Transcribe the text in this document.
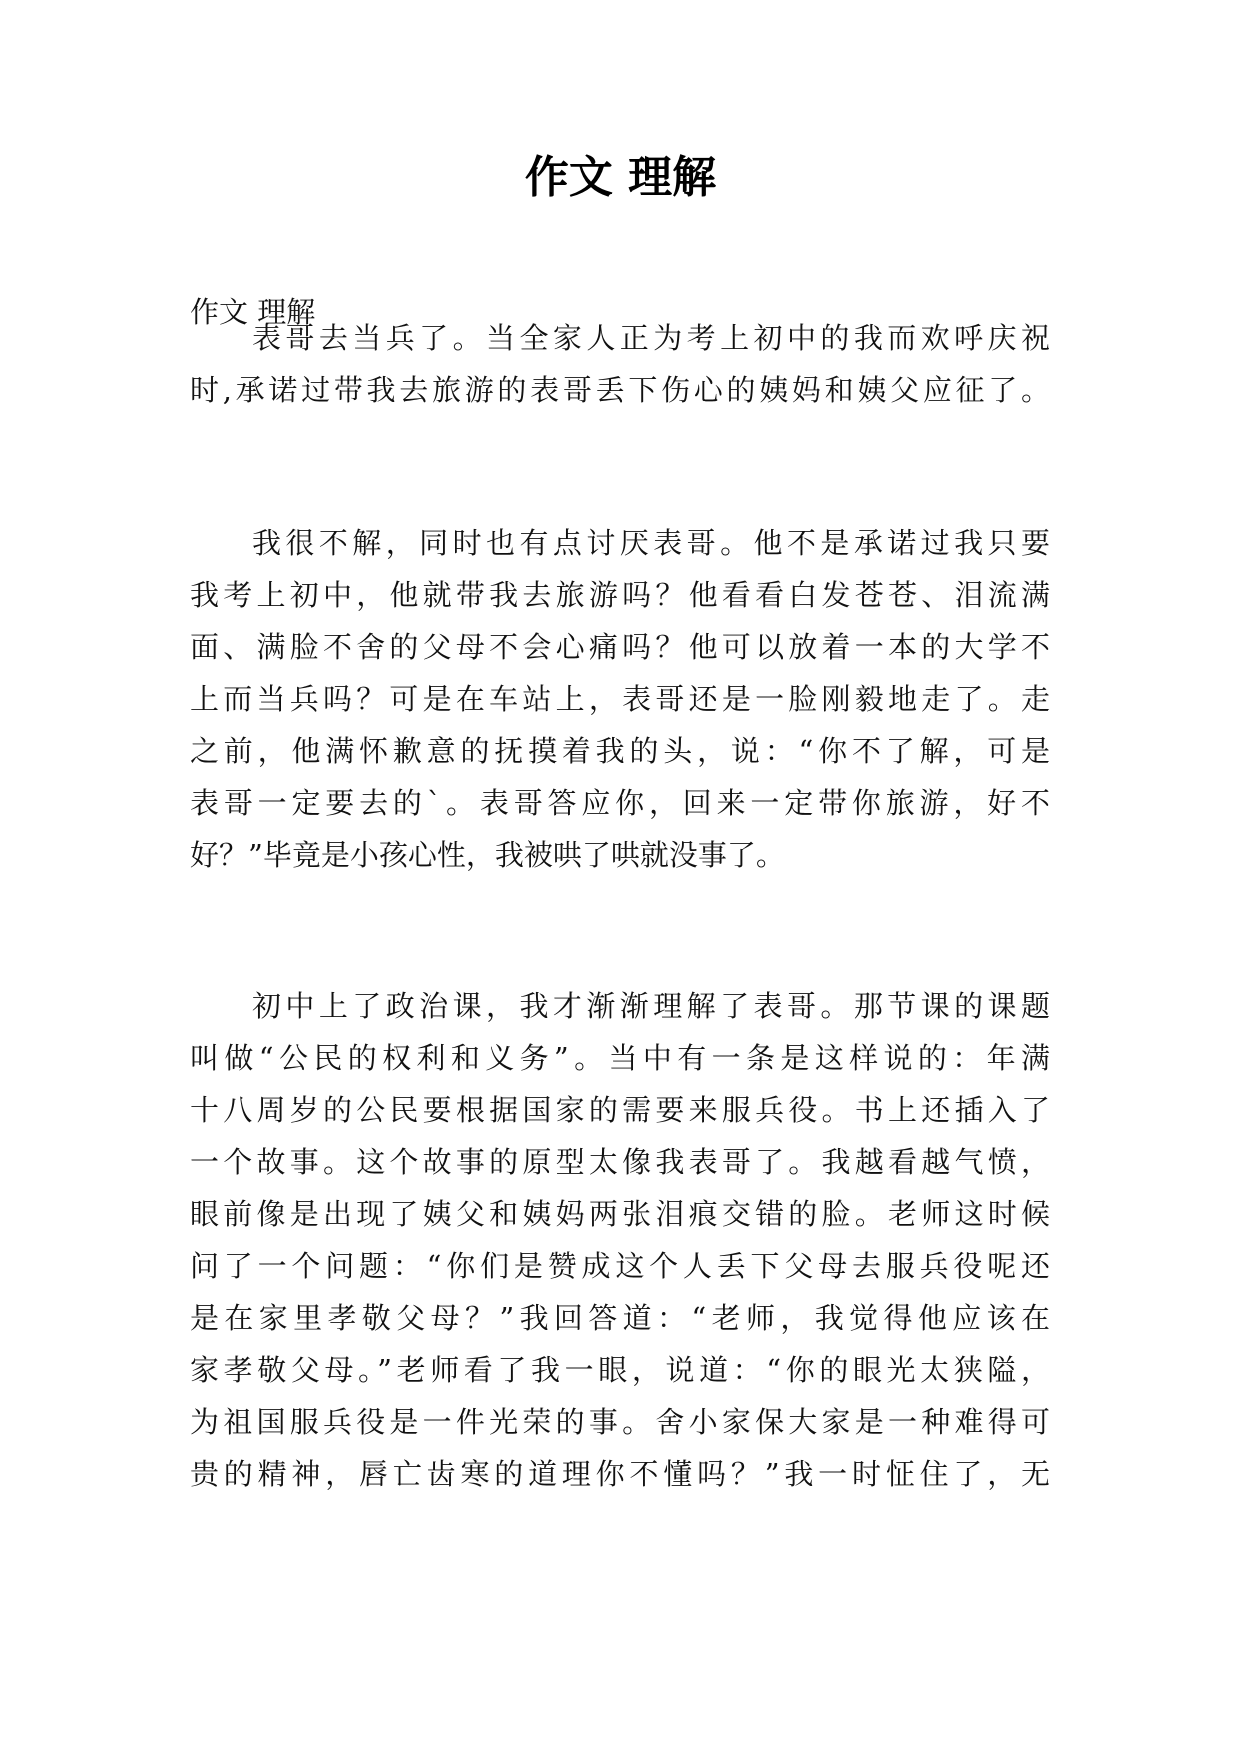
作文 理解
作文 理解
表哥去当兵了。当全家人正为考上初中的我而欢呼庆祝
时,承诺过带我去旅游的表哥丢下伤心的姨妈和姨父应征了。
我很不解，同时也有点讨厌表哥。他不是承诺过我只要
我考上初中，他就带我去旅游吗？他看看白发苍苍、泪流满
面、满脸不舍的父母不会心痛吗？他可以放着一本的大学不
上而当兵吗？可是在车站上，表哥还是一脸刚毅地走了。走
之前，他满怀歉意的抚摸着我的头，说：“你不了解，可是
表哥一定要去的`。表哥答应你，回来一定带你旅游，好不
好？”毕竟是小孩心性，我被哄了哄就没事了。
初中上了政治课，我才渐渐理解了表哥。那节课的课题
叫做“公民的权利和义务”。当中有一条是这样说的：年满
十八周岁的公民要根据国家的需要来服兵役。书上还插入了
一个故事。这个故事的原型太像我表哥了。我越看越气愤，
眼前像是出现了姨父和姨妈两张泪痕交错的脸。老师这时候
问了一个问题：“你们是赞成这个人丢下父母去服兵役呢还
是在家里孝敬父母？”我回答道：“老师，我觉得他应该在
家孝敬父母。”老师看了我一眼，说道：“你的眼光太狭隘，
为祖国服兵役是一件光荣的事。舍小家保大家是一种难得可
贵的精神，唇亡齿寒的道理你不懂吗？”我一时怔住了，无
